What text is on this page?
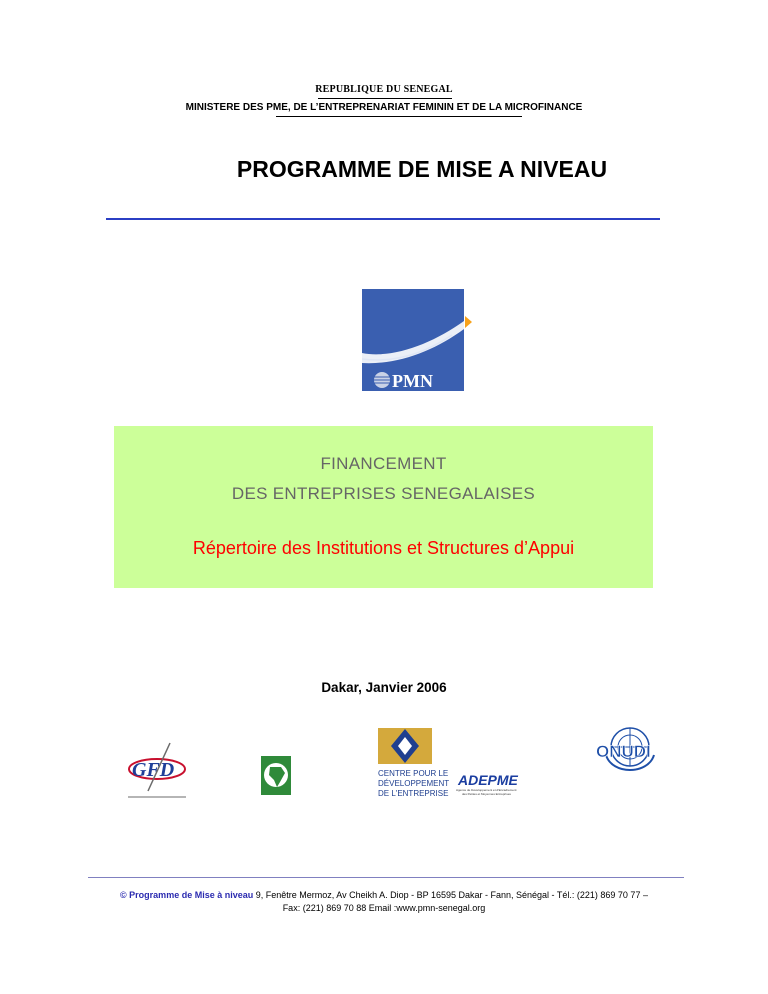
REPUBLIQUE DU SENEGAL
MINISTERE DES PME, DE L’ENTREPRENARIAT FEMININ ET DE LA MICROFINANCE
PROGRAMME DE MISE A NIVEAU
PMN
FINANCEMENT
DES ENTREPRISES SENEGALAISES
Répertoire des Institutions et Structures d’Appui
Dakar, Janvier 2006
GFD	CENTRE POUR LE
DÉVELOPPEMENT
DE L'ENTREPRISE
ADEPME
Agence de Développement et d'Encadrement
des Petites et Moyennes Entreprises
ONUDI
© Programme de Mise à niveau 9, Fenêtre Mermoz, Av Cheikh A. Diop - BP 16595 Dakar - Fann, Sénégal - Tél.: (221) 869 70 77 –
Fax: (221) 869 70 88 Email :www.pmn-senegal.org
